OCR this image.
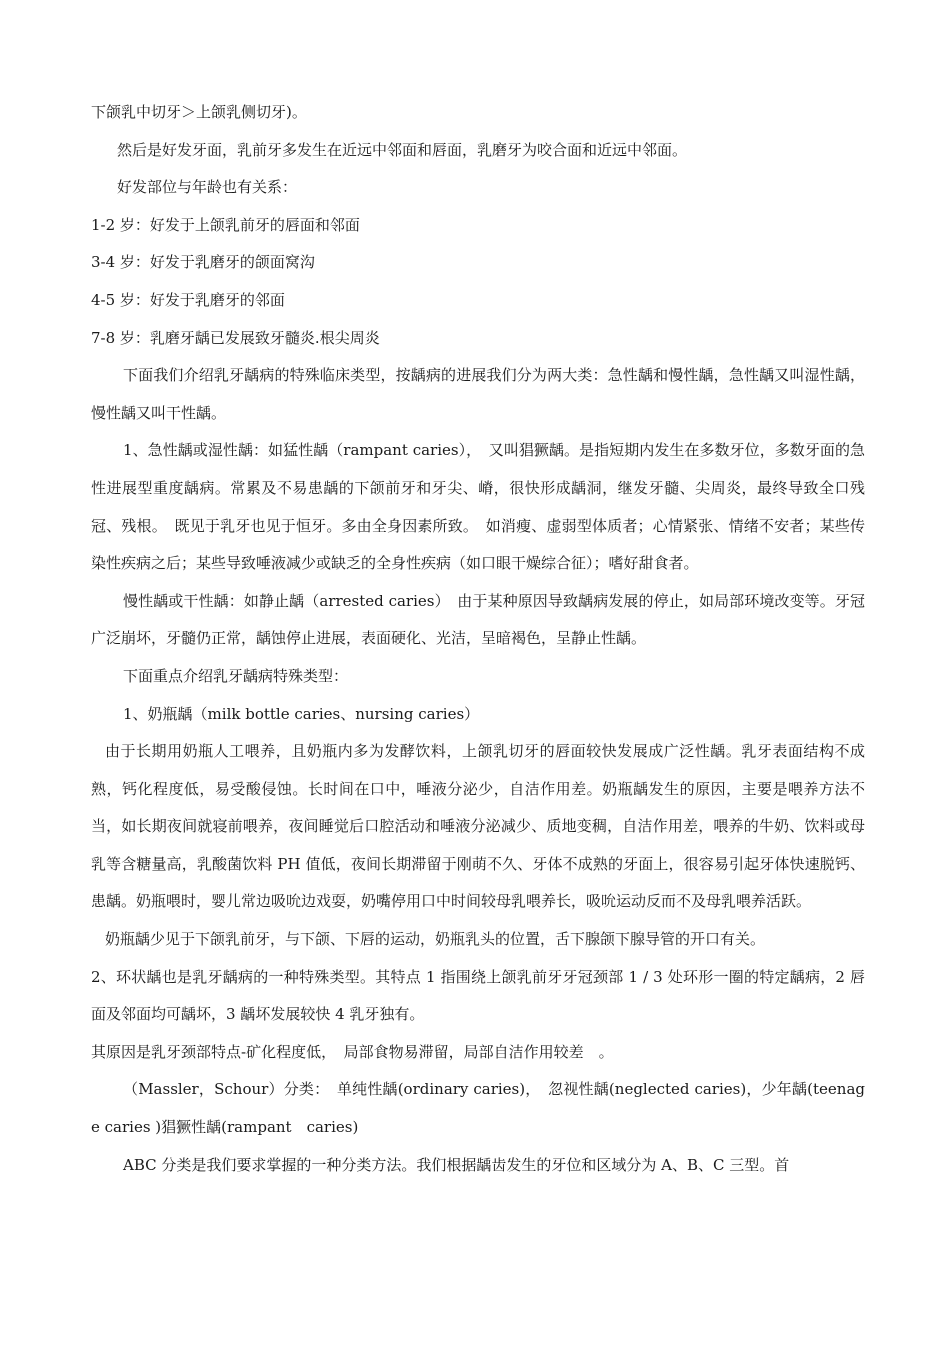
下颌乳中切牙＞上颌乳侧切牙)。

然后是好发牙面，乳前牙多发生在近远中邻面和唇面，乳磨牙为咬合面和近远中邻面。

好发部位与年龄也有关系：

1-2 岁：好发于上颌乳前牙的唇面和邻面

3-4 岁：好发于乳磨牙的颌面窝沟

4-5 岁：好发于乳磨牙的邻面

7-8 岁：乳磨牙龋已发展致牙髓炎.根尖周炎

下面我们介绍乳牙龋病的特殊临床类型，按龋病的进展我们分为两大类：急性龋和慢性龋，急性龋又叫湿性龋，慢性龋又叫干性龋。

1、急性龋或湿性龋：如猛性龋（rampant caries），　又叫猖獗龋。是指短期内发生在多数牙位，多数牙面的急性进展型重度龋病。常累及不易患龋的下颌前牙和牙尖、嵴，很快形成龋洞，继发牙髓、尖周炎，最终导致全口残冠、残根。　既见于乳牙也见于恒牙。多由全身因素所致。　如消瘦、虚弱型体质者；心情紧张、情绪不安者；某些传染性疾病之后；某些导致唾液减少或缺乏的全身性疾病（如口眼干燥综合征）；嗜好甜食者。

慢性龋或干性龋：如静止龋（arrested caries）　由于某种原因导致龋病发展的停止，如局部环境改变等。牙冠广泛崩坏，牙髓仍正常，龋蚀停止进展，表面硬化、光洁，呈暗褐色，呈静止性龋。

下面重点介绍乳牙龋病特殊类型：

1、奶瓶龋（milk bottle caries、nursing caries）

由于长期用奶瓶人工喂养，且奶瓶内多为发酵饮料，上颌乳切牙的唇面较快发展成广泛性龋。乳牙表面结构不成熟，钙化程度低，易受酸侵蚀。长时间在口中，唾液分泌少，自洁作用差。奶瓶龋发生的原因，主要是喂养方法不当，如长期夜间就寝前喂养，夜间睡觉后口腔活动和唾液分泌减少、质地变稠，自洁作用差，喂养的牛奶、饮料或母乳等含糖量高，乳酸菌饮料 PH 值低，夜间长期滞留于刚萌不久、牙体不成熟的牙面上，很容易引起牙体快速脱钙、患龋。奶瓶喂时，婴儿常边吸吮边戏耍，奶嘴停用口中时间较母乳喂养长，吸吮运动反而不及母乳喂养活跃。

奶瓶龋少见于下颌乳前牙，与下颌、下唇的运动，奶瓶乳头的位置，舌下腺颌下腺导管的开口有关。

2、环状龋也是乳牙龋病的一种特殊类型。其特点 1 指围绕上颌乳前牙牙冠颈部 1 / 3 处环形一圈的特定龋病，2 唇面及邻面均可龋坏，3 龋坏发展较快 4 乳牙独有。

其原因是乳牙颈部特点-矿化程度低，　局部食物易滞留，局部自洁作用较差　。

（Massler，Schour）分类：　单纯性龋(ordinary caries)，　忽视性龋(neglected caries)，少年龋(teenage caries )猖獗性龋(rampant　caries)

ABC 分类是我们要求掌握的一种分类方法。我们根据龋齿发生的牙位和区域分为 A、B、C 三型。首
